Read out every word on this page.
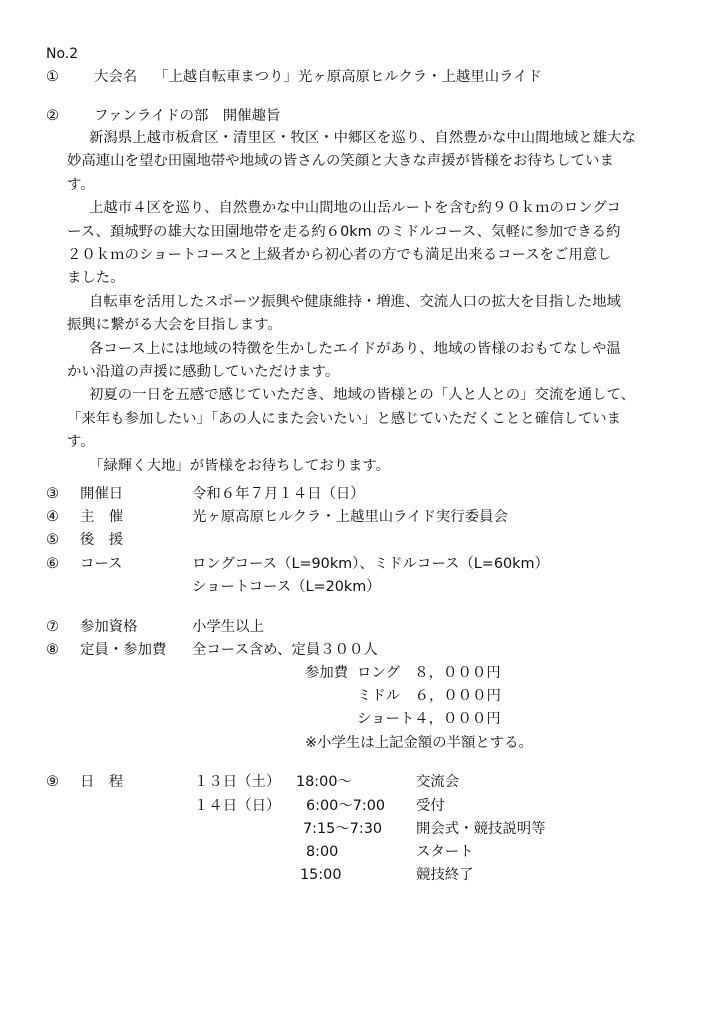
No.2
① 大会名 「上越自転車まつり」光ヶ原高原ヒルクラ・上越里山ライド
② ファンライドの部　開催趣旨
新潟県上越市板倉区・清里区・牧区・中郷区を巡り、自然豊かな中山間地域と雄大な
妙高連山を望む田園地帯や地域の皆さんの笑顔と大きな声援が皆様をお待ちしていま
す。
上越市４区を巡り、自然豊かな中山間地の山岳ルートを含む約９０ｋｍのロングコ
ース、頚城野の雄大な田園地帯を走る約６0km のミドルコース、気軽に参加できる約
２０ｋｍのショートコースと上級者から初心者の方でも満足出来るコースをご用意し
ました。
自転車を活用したスポーツ振興や健康維持・増進、交流人口の拡大を目指した地域
振興に繋がる大会を目指します。
各コース上には地域の特徴を生かしたエイドがあり、地域の皆様のおもてなしや温
かい沿道の声援に感動していただけます。
初夏の一日を五感で感じていただき、地域の皆様との「人と人との」交流を通して、
「来年も参加したい」「あの人にまた会いたい」と感じていただくことと確信していま
す。
「緑輝く大地」が皆様をお待ちしております。
③ 開催日	令和６年７月１４日（日）
④ 主　催	光ヶ原高原ヒルクラ・上越里山ライド実行委員会
⑤ 後　援
⑥ コース	ロングコース（L=90km）、ミドルコース（L=60km）
ショートコース（L=20km）
⑦ 参加資格	小学生以上
⑧ 定員・参加費 全コース含め、定員３００人
参加費 ロング　８，０００円
ミドル　６，０００円
ショート４，０００円
※小学生は上記金額の半額とする。
⑨ 日　程	１３日（土） 18:00～	交流会
１４日（日） 6:00～7:00 受付
7:15～7:30 開会式・競技説明等
8:00	スタート
15:00	競技終了
